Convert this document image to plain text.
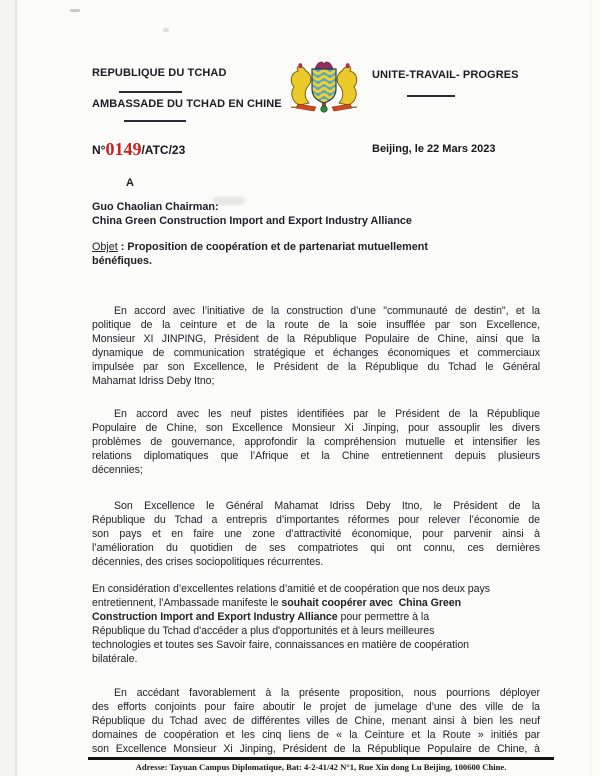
REPUBLIQUE DU TCHAD
AMBASSADE DU TCHAD EN CHINE
UNITE-TRAVAIL- PROGRES
N°0149/ATC/23	Beijing, le 22 Mars 2023
A
Guo Chaolian Chairman:
China Green Construction Import and Export Industry Alliance
Objet : Proposition de coopération et de partenariat mutuellement
bénéfiques.
En accord avec l’initiative de la construction d’une "communauté de destin", et la
politique de la ceinture et de la route de la soie insufflée par son Excellence,
Monsieur XI JINPING, Président de la République Populaire de Chine, ainsi que la
dynamique de communication stratégique et échanges économiques et commerciaux
impulsée par son Excellence, le Président de la République du Tchad le Général
Mahamat Idriss Deby Itno;
En accord avec les neuf pistes identifiées par le Président de la République
Populaire de Chine, son Excellence Monsieur Xi Jinping, pour assouplir les divers
problèmes de gouvernance, approfondir la compréhension mutuelle et intensifier les
relations diplomatiques que l’Afrique et la Chine entretiennent depuis plusieurs
décennies;
Son Excellence le Général Mahamat Idriss Deby Itno, le Président de la
République du Tchad a entrepris d’importantes réformes pour relever l’économie de
son pays et en faire une zone d’attractivité économique, pour parvenir ainsi à
l’amélioration du quotidien de ses compatriotes qui ont connu, ces dernières
décennies, des crises sociopolitiques récurrentes.
En considération d’excellentes relations d’amitié et de coopération que nos deux pays
entretiennent, l’Ambassade manifeste le souhait coopérer avec  China Green
Construction Import and Export Industry Alliance pour permettre à la
République du Tchad d'accéder a plus d'opportunités et à leurs meilleures
technologies et toutes ses Savoir faire, connaissances en matière de coopération
bilatérale.
En accédant favorablement à la présente proposition, nous pourrions déployer
des efforts conjoints pour faire aboutir le projet de jumelage d’une des ville de la
République du Tchad avec de différentes villes de Chine, menant ainsi à bien les neuf
domaines de coopération et les cinq liens de « la Ceinture et la Route » initiés par
son Excellence Monsieur Xi Jinping, Président de la République Populaire de Chine, à
Adresse: Tayuan Campus Diplomatique, Bat: 4-2-41/42 N°1, Rue Xin dong Lu Beijing, 100600 Chine.
